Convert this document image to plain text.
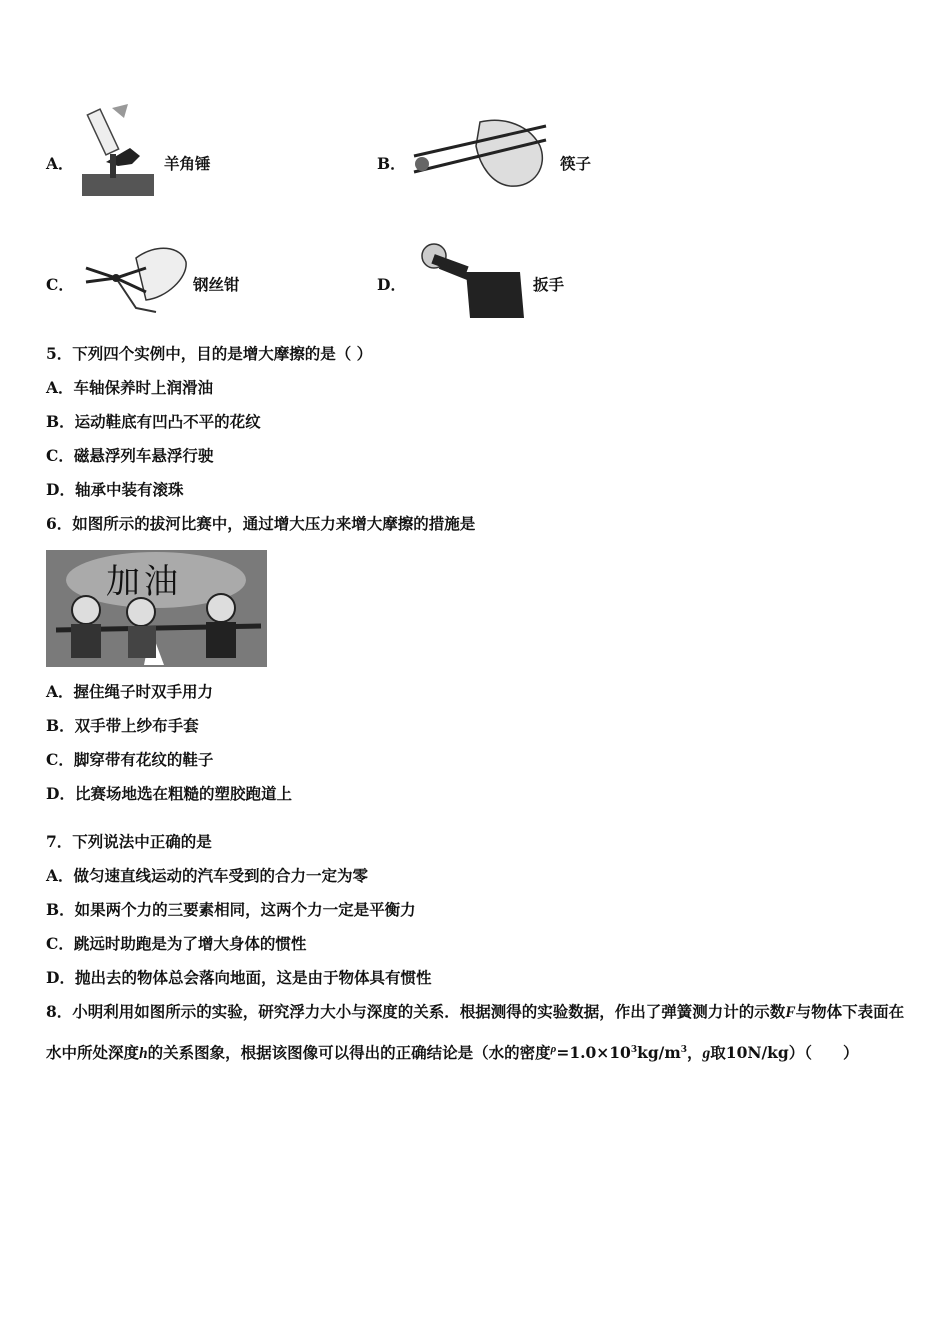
A．	羊角锤	B．	筷子
C．	钢丝钳	D．	扳手
5．下列四个实例中，目的是增大摩擦的是（ ）
A．车轴保养时上润滑油
B．运动鞋底有凹凸不平的花纹
C．磁悬浮列车悬浮行驶
D．轴承中装有滚珠
6．如图所示的拔河比赛中，通过增大压力来增大摩擦的措施是
加油
A．握住绳子时双手用力
B．双手带上纱布手套
C．脚穿带有花纹的鞋子
D．比赛场地选在粗糙的塑胶跑道上
7．下列说法中正确的是
A．做匀速直线运动的汽车受到的合力一定为零
B．如果两个力的三要素相同，这两个力一定是平衡力
C．跳远时助跑是为了增大身体的惯性
D．抛出去的物体总会落向地面，这是由于物体具有惯性
8．小明利用如图所示的实验，研究浮力大小与深度的关系．根据测得的实验数据，作出了弹簧测力计的示数F与物体下表面在水中所处深度h的关系图象，根据该图像可以得出的正确结论是（水的密度$^\rho=1.0\times 10^3kg/m^3$，g取10N/kg）（　　）
